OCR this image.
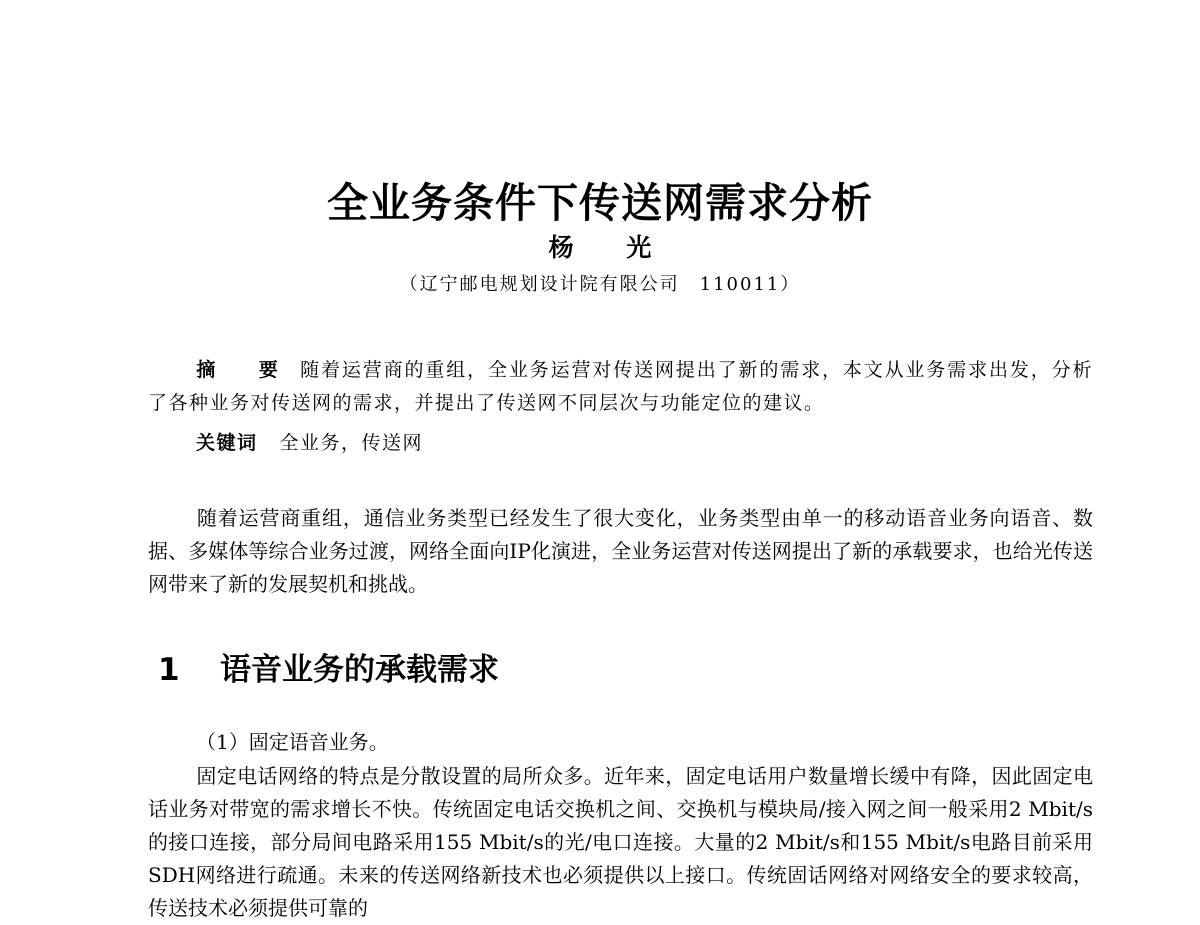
全业务条件下传送网需求分析
杨 光
（辽宁邮电规划设计院有限公司　110011）
摘 要 随着运营商的重组，全业务运营对传送网提出了新的需求，本文从业务需求出发，分析了各种业务对传送网的需求，并提出了传送网不同层次与功能定位的建议。
关键词 全业务，传送网
随着运营商重组，通信业务类型已经发生了很大变化，业务类型由单一的移动语音业务向语音、数据、多媒体等综合业务过渡，网络全面向IP化演进，全业务运营对传送网提出了新的承载要求，也给光传送网带来了新的发展契机和挑战。
1 语音业务的承载需求
（1）固定语音业务。
固定电话网络的特点是分散设置的局所众多。近年来，固定电话用户数量增长缓中有降，因此固定电话业务对带宽的需求增长不快。传统固定电话交换机之间、交换机与模块局/接入网之间一般采用2 Mbit/s的接口连接，部分局间电路采用155 Mbit/s的光/电口连接。大量的2 Mbit/s和155 Mbit/s电路目前采用SDH网络进行疏通。未来的传送网络新技术也必须提供以上接口。传统固话网络对网络安全的要求较高，传送技术必须提供可靠的
